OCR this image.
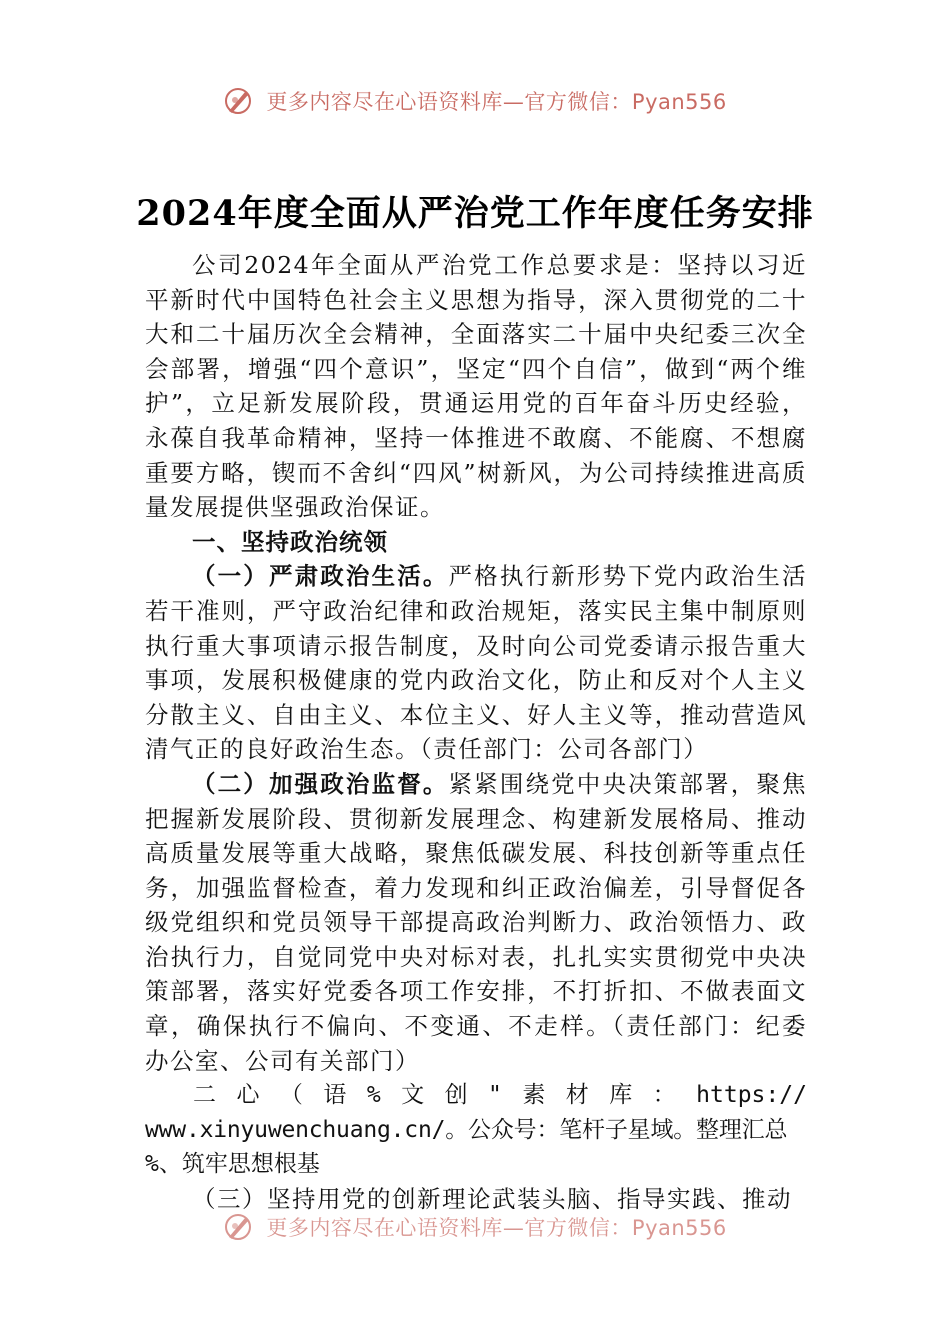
更多内容尽在心语资料库—官方微信：Pyan556
2024年度全面从严治党工作年度任务安排

公司2024年全面从严治党工作总要求是：坚持以习近平新时代中国特色社会主义思想为指导，深入贯彻党的二十大和二十届历次全会精神，全面落实二十届中央纪委三次全会部署，增强“四个意识”，坚定“四个自信”，做到“两个维护”，立足新发展阶段，贯通运用党的百年奋斗历史经验，永葆自我革命精神，坚持一体推进不敢腐、不能腐、不想腐重要方略，锲而不舍纠“四风”树新风，为公司持续推进高质量发展提供坚强政治保证。

一、坚持政治统领

（一）严肃政治生活。严格执行新形势下党内政治生活若干准则，严守政治纪律和政治规矩，落实民主集中制原则执行重大事项请示报告制度，及时向公司党委请示报告重大事项，发展积极健康的党内政治文化，防止和反对个人主义分散主义、自由主义、本位主义、好人主义等，推动营造风清气正的良好政治生态。（责任部门：公司各部门）

（二）加强政治监督。紧紧围绕党中央决策部署，聚焦把握新发展阶段、贯彻新发展理念、构建新发展格局、推动高质量发展等重大战略，聚焦低碳发展、科技创新等重点任务，加强监督检查，着力发现和纠正政治偏差，引导督促各级党组织和党员领导干部提高政治判断力、政治领悟力、政治执行力，自觉同党中央对标对表，扎扎实实贯彻党中央决策部署，落实好党委各项工作安排，不打折扣、不做表面文章，确保执行不偏向、不变通、不走样。（责任部门：纪委办公室、公司有关部门）

二 心 （ 语 % 文 创 " 素 材 库 ： https://
www.xinyuwenchuang.cn/。公众号：笔杆子星域。整理汇总
%、筑牢思想根基

（三）坚持用党的创新理论武装头脑、指导实践、推动

更多内容尽在心语资料库—官方微信：Pyan556
